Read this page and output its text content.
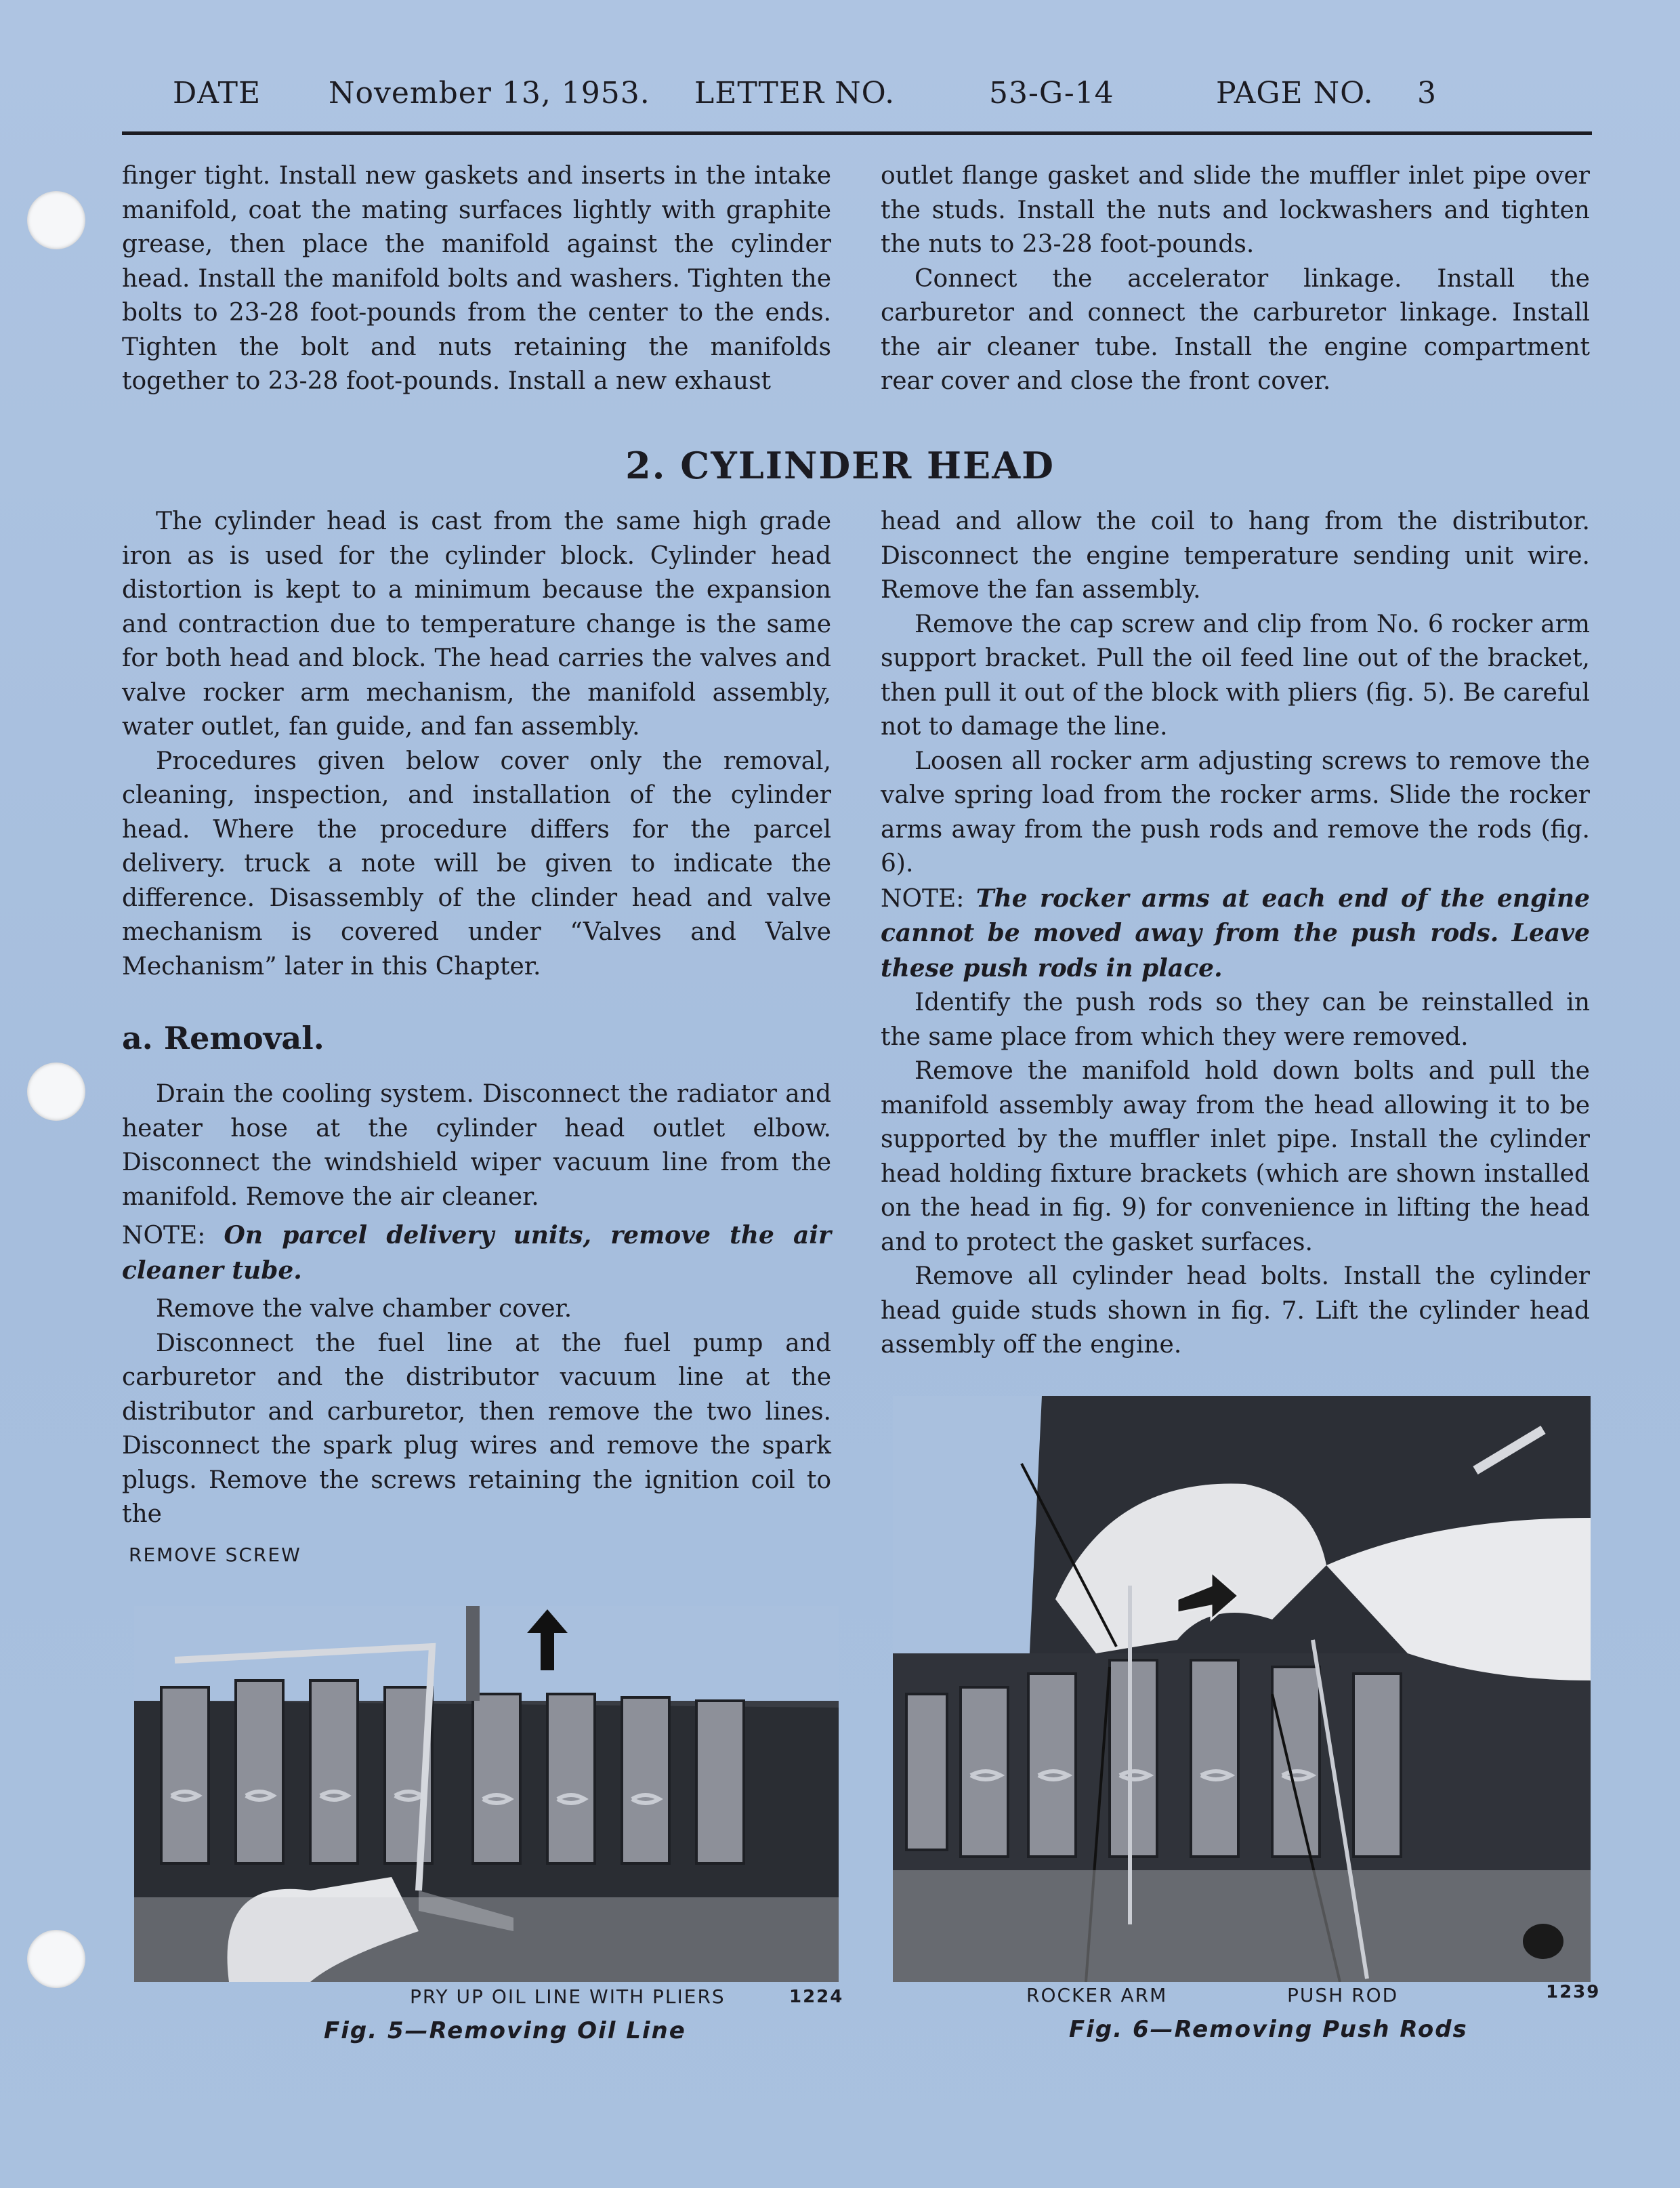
DATE November 13, 1953. LETTER NO.	53-G-14	PAGE NO. 3

finger tight. Install new gaskets and inserts in the intake manifold, coat the mating surfaces lightly with graphite grease, then place the manifold against the cylinder head. Install the manifold bolts and washers. Tighten the bolts to 23-28 foot-pounds from the center to the ends. Tighten the bolt and nuts retaining the manifolds together to 23-28 foot-pounds. Install a new exhaust

outlet flange gasket and slide the muffler inlet pipe over the studs. Install the nuts and lockwashers and tighten the nuts to 23-28 foot-pounds.

Connect the accelerator linkage. Install the carburetor and connect the carburetor linkage. Install the air cleaner tube. Install the engine compartment rear cover and close the front cover.

2. CYLINDER HEAD

The cylinder head is cast from the same high grade iron as is used for the cylinder block. Cylinder head distortion is kept to a minimum because the expansion and contraction due to temperature change is the same for both head and block. The head carries the valves and valve rocker arm mechanism, the manifold assembly, water outlet, fan guide, and fan assembly.

Procedures given below cover only the removal, cleaning, inspection, and installation of the cylinder head. Where the procedure differs for the parcel delivery. truck a note will be given to indicate the difference. Disassembly of the clinder head and valve mechanism is covered under “Valves and Valve Mechanism” later in this Chapter.

a. Removal.

Drain the cooling system. Disconnect the radiator and heater hose at the cylinder head outlet elbow. Disconnect the windshield wiper vacuum line from the manifold. Remove the air cleaner.

NOTE: On parcel delivery units, remove the air cleaner tube.

Remove the valve chamber cover.

Disconnect the fuel line at the fuel pump and carburetor and the distributor vacuum line at the distributor and carburetor, then remove the two lines. Disconnect the spark plug wires and remove the spark plugs. Remove the screws retaining the ignition coil to the

head and allow the coil to hang from the distributor. Disconnect the engine temperature sending unit wire. Remove the fan assembly.

Remove the cap screw and clip from No. 6 rocker arm support bracket. Pull the oil feed line out of the bracket, then pull it out of the block with pliers (fig. 5). Be careful not to damage the line.

Loosen all rocker arm adjusting screws to remove the valve spring load from the rocker arms. Slide the rocker arms away from the push rods and remove the rods (fig. 6).

NOTE: The rocker arms at each end of the engine cannot be moved away from the push rods. Leave these push rods in place.

Identify the push rods so they can be reinstalled in the same place from which they were removed.

Remove the manifold hold down bolts and pull the manifold assembly away from the head allowing it to be supported by the muffler inlet pipe. Install the cylinder head holding fixture brackets (which are shown installed on the head in fig. 9) for convenience in lifting the head and to protect the gasket surfaces.

Remove all cylinder head bolts. Install the cylinder head guide studs shown in fig. 7. Lift the cylinder head assembly off the engine.

REMOVE SCREW
PRY UP OIL LINE WITH PLIERS	1224
Fig. 5—Removing Oil Line
ROCKER ARM	PUSH ROD	1239
Fig. 6—Removing Push Rods
